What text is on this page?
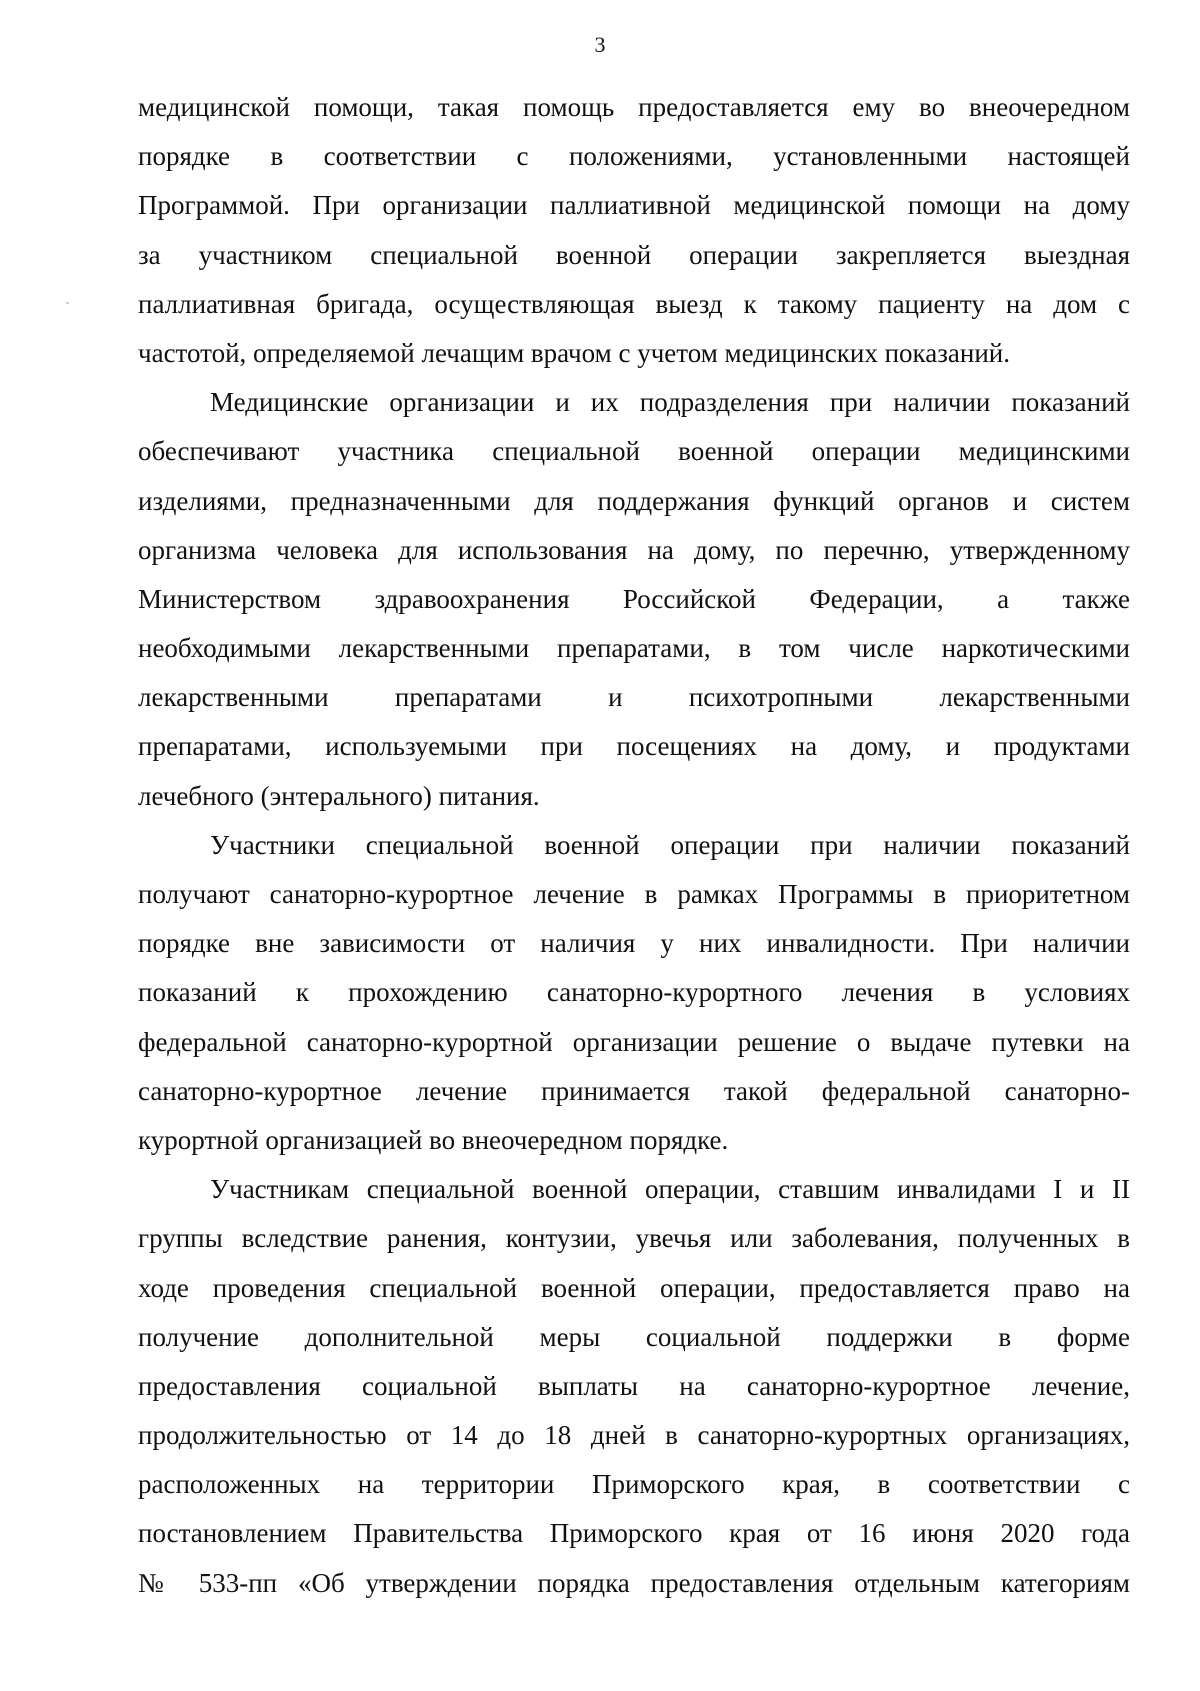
3
медицинской помощи, такая помощь предоставляется ему во внеочередном
порядке в соответствии с положениями, установленными настоящей
Программой. При организации паллиативной медицинской помощи на дому
за участником специальной военной операции закрепляется выездная
паллиативная бригада, осуществляющая выезд к такому пациенту на дом с
частотой, определяемой лечащим врачом с учетом медицинских показаний.
Медицинские организации и их подразделения при наличии показаний
обеспечивают участника специальной военной операции медицинскими
изделиями, предназначенными для поддержания функций органов и систем
организма человека для использования на дому, по перечню, утвержденному
Министерством здравоохранения Российской Федерации, а также
необходимыми лекарственными препаратами, в том числе наркотическими
лекарственными препаратами и психотропными лекарственными
препаратами, используемыми при посещениях на дому, и продуктами
лечебного (энтерального) питания.
Участники специальной военной операции при наличии показаний
получают санаторно-курортное лечение в рамках Программы в приоритетном
порядке вне зависимости от наличия у них инвалидности. При наличии
показаний к прохождению санаторно-курортного лечения в условиях
федеральной санаторно-курортной организации решение о выдаче путевки на
санаторно-курортное лечение принимается такой федеральной санаторно-
курортной организацией во внеочередном порядке.
Участникам специальной военной операции, ставшим инвалидами I и II
группы вследствие ранения, контузии, увечья или заболевания, полученных в
ходе проведения специальной военной операции, предоставляется право на
получение дополнительной меры социальной поддержки в форме
предоставления социальной выплаты на санаторно-курортное лечение,
продолжительностью от 14 до 18 дней в санаторно-курортных организациях,
расположенных на территории Приморского края, в соответствии с
постановлением Правительства Приморского края от 16 июня 2020 года
№ 533-пп «Об утверждении порядка предоставления отдельным категориям
